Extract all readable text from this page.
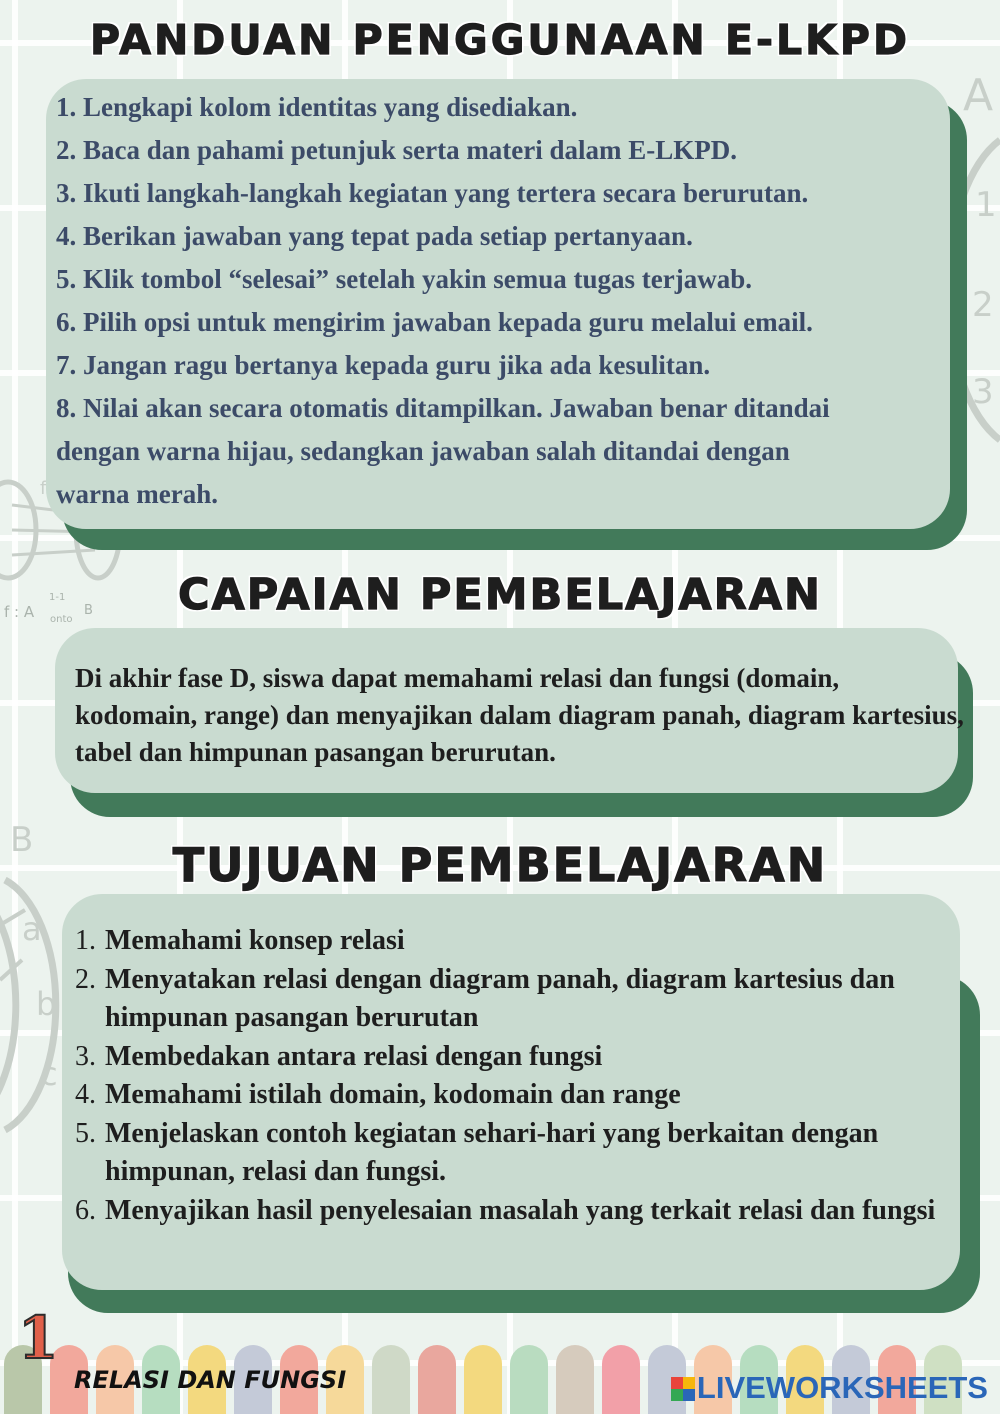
A
1
2
3
f
f : A
1-1
onto
B
B
a
b
c
PANDUAN PENGGUNAAN E-LKPD
1. Lengkapi kolom identitas yang disediakan.
2. Baca dan pahami petunjuk serta materi dalam E-LKPD.
3. Ikuti langkah-langkah kegiatan yang tertera secara berurutan.
4. Berikan jawaban yang tepat pada setiap pertanyaan.
5. Klik tombol “selesai” setelah yakin semua tugas terjawab.
6. Pilih opsi untuk mengirim jawaban kepada guru melalui email.
7. Jangan ragu bertanya kepada guru jika ada kesulitan.
8. Nilai akan secara otomatis ditampilkan. Jawaban benar ditandai
dengan warna hijau, sedangkan jawaban salah ditandai dengan
warna merah.
CAPAIAN PEMBELAJARAN
Di akhir fase D, siswa dapat memahami relasi dan fungsi (domain, kodomain, range) dan menyajikan dalam diagram panah, diagram kartesius, tabel dan himpunan pasangan berurutan.
TUJUAN PEMBELAJARAN
1. Memahami konsep relasi
2. Menyatakan relasi dengan diagram panah, diagram kartesius dan himpunan pasangan berurutan
3. Membedakan antara relasi dengan fungsi
4. Memahami istilah domain, kodomain dan range
5. Menjelaskan contoh kegiatan sehari-hari yang berkaitan dengan himpunan, relasi dan fungsi.
6. Menyajikan hasil penyelesaian masalah yang terkait relasi dan fungsi
1
RELASI DAN FUNGSI	LIVEWORKSHEETS
